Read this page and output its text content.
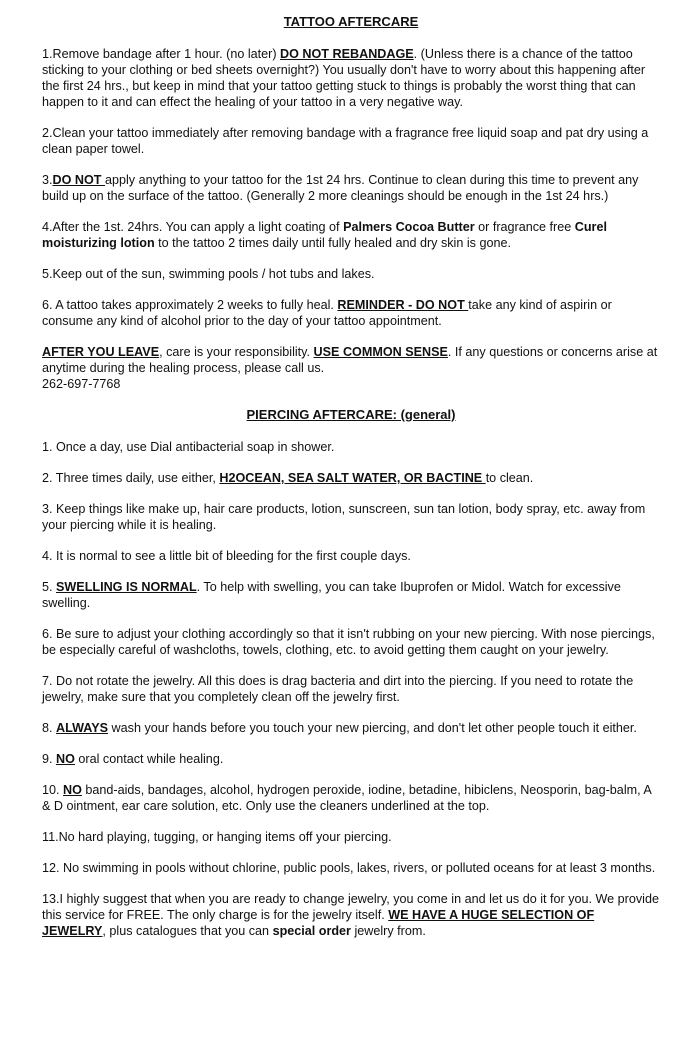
TATTOO AFTERCARE
1.Remove bandage after 1 hour. (no later) DO NOT REBANDAGE. (Unless there is a chance of the tattoo sticking to your clothing or bed sheets overnight?) You usually don't have to worry about this happening after the first 24 hrs., but keep in mind that your tattoo getting stuck to things is probably the worst thing that can happen to it and can effect the healing of your tattoo in a very negative way.
2.Clean your tattoo immediately after removing bandage with a fragrance free liquid soap and pat dry using a clean paper towel.
3.DO NOT apply anything to your tattoo for the 1st 24 hrs. Continue to clean during this time to prevent any build up on the surface of the tattoo. (Generally 2 more cleanings should be enough in the 1st 24 hrs.)
4.After the 1st. 24hrs. You can apply a light coating of Palmers Cocoa Butter or fragrance free Curel moisturizing lotion to the tattoo 2 times daily until fully healed and dry skin is gone.
5.Keep out of the sun, swimming pools / hot tubs and lakes.
6. A tattoo takes approximately 2 weeks to fully heal. REMINDER - DO NOT take any kind of aspirin or consume any kind of alcohol prior to the day of your tattoo appointment.
AFTER YOU LEAVE, care is your responsibility. USE COMMON SENSE. If any questions or concerns arise at anytime during the healing process, please call us.
262-697-7768
PIERCING AFTERCARE: (general)
1. Once a day, use Dial antibacterial soap in shower.
2. Three times daily, use either, H2OCEAN, SEA SALT WATER, OR BACTINE to clean.
3. Keep things like make up, hair care products, lotion, sunscreen, sun tan lotion, body spray, etc. away from your piercing while it is healing.
4. It is normal to see a little bit of bleeding for the first couple days.
5. SWELLING IS NORMAL. To help with swelling, you can take Ibuprofen or Midol. Watch for excessive swelling.
6. Be sure to adjust your clothing accordingly so that it isn't rubbing on your new piercing. With nose piercings, be especially careful of washcloths, towels, clothing, etc. to avoid getting them caught on your jewelry.
7. Do not rotate the jewelry. All this does is drag bacteria and dirt into the piercing. If you need to rotate the jewelry, make sure that you completely clean off the jewelry first.
8. ALWAYS wash your hands before you touch your new piercing, and don't let other people touch it either.
9. NO oral contact while healing.
10. NO band-aids, bandages, alcohol, hydrogen peroxide, iodine, betadine, hibiclens, Neosporin, bag-balm, A & D ointment, ear care solution, etc. Only use the cleaners underlined at the top.
11.No hard playing, tugging, or hanging items off your piercing.
12. No swimming in pools without chlorine, public pools, lakes, rivers, or polluted oceans for at least 3 months.
13.I highly suggest that when you are ready to change jewelry, you come in and let us do it for you. We provide this service for FREE. The only charge is for the jewelry itself. WE HAVE A HUGE SELECTION OF JEWELRY, plus catalogues that you can special order jewelry from.
